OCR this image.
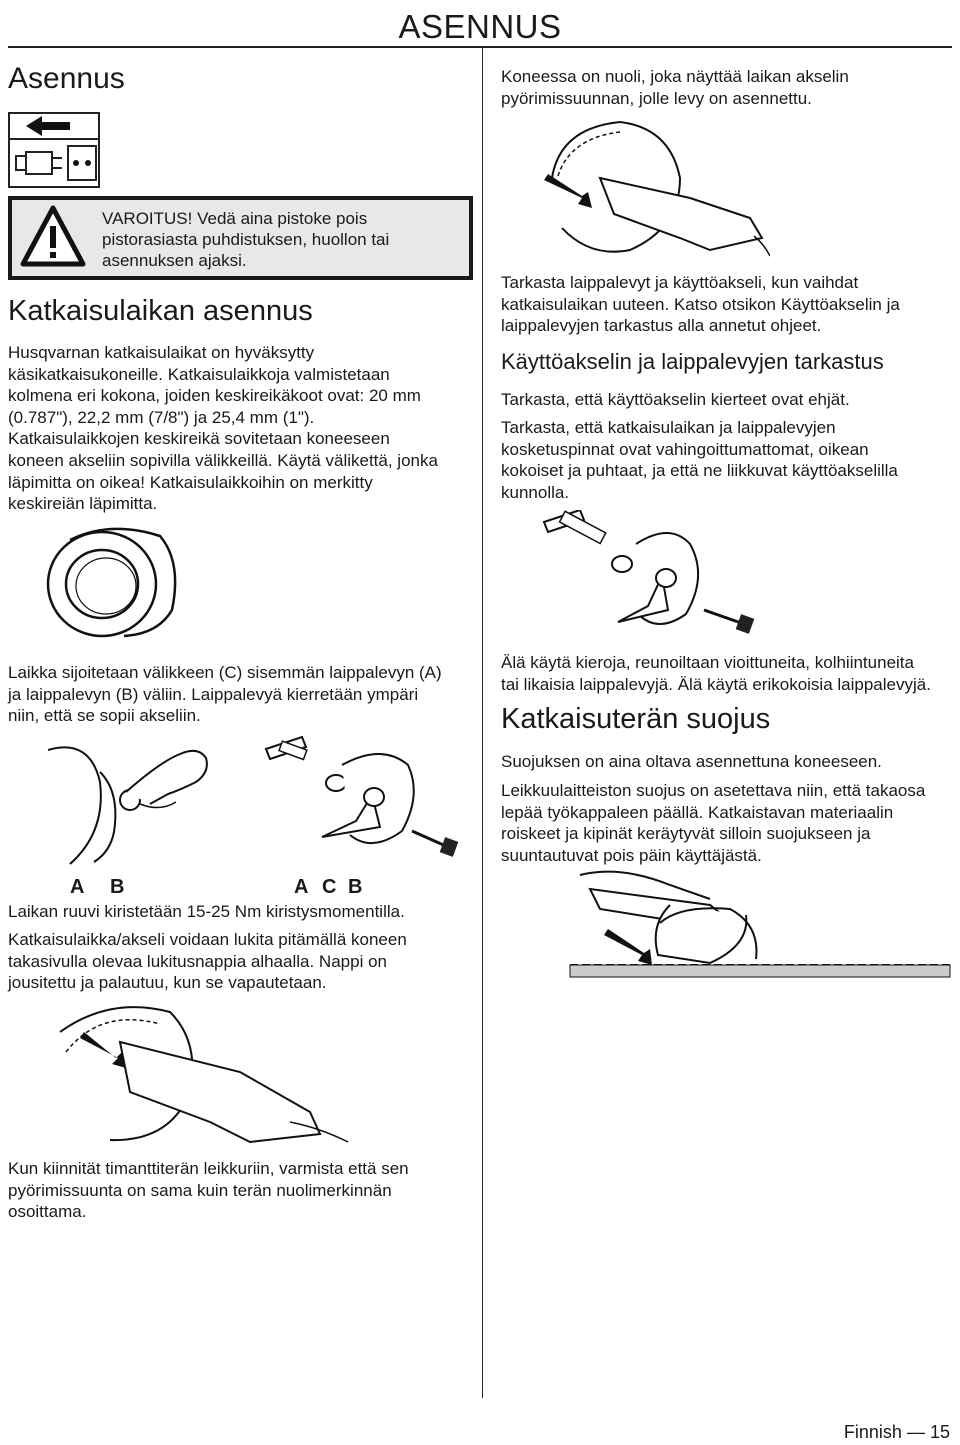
ASENNUS
Asennus
VAROITUS! Vedä aina pistoke pois
pistorasiasta puhdistuksen, huollon tai
asennuksen ajaksi.
Katkaisulaikan asennus

Husqvarnan katkaisulaikat on hyväksytty

käsikatkaisukoneille. Katkaisulaikkoja valmistetaan

kolmena eri kokona, joiden keskireikäkoot ovat: 20 mm

(0.787"), 22,2 mm (7/8") ja 25,4 mm (1").

Katkaisulaikkojen keskireikä sovitetaan koneeseen

koneen akseliin sopivilla välikkeillä. Käytä välikettä, jonka

läpimitta on oikea! Katkaisulaikkoihin on merkitty

keskireiän läpimitta.

Laikka sijoitetaan välikkeen (C) sisemmän laippalevyn (A)

ja laippalevyn (B) väliin. Laippalevyä kierretään ympäri

niin, että se sopii akseliin.

A B	A C B

Laikan ruuvi kiristetään 15-25 Nm kiristysmomentilla.

Katkaisulaikka/akseli voidaan lukita pitämällä koneen

takasivulla olevaa lukitusnappia alhaalla. Nappi on

jousitettu ja palautuu, kun se vapautetaan.

Kun kiinnität timanttiterän leikkuriin, varmista että sen

pyörimissuunta on sama kuin terän nuolimerkinnän

osoittama.

Koneessa on nuoli, joka näyttää laikan akselin

pyörimissuunnan, jolle levy on asennettu.

Tarkasta laippalevyt ja käyttöakseli, kun vaihdat

katkaisulaikan uuteen. Katso otsikon Käyttöakselin ja

laippalevyjen tarkastus alla annetut ohjeet.

Käyttöakselin ja laippalevyjen tarkastus

Tarkasta, että käyttöakselin kierteet ovat ehjät.

Tarkasta, että katkaisulaikan ja laippalevyjen

kosketuspinnat ovat vahingoittumattomat, oikean

kokoiset ja puhtaat, ja että ne liikkuvat käyttöakselilla

kunnolla.

Älä käytä kieroja, reunoiltaan vioittuneita, kolhiintuneita

tai likaisia laippalevyjä. Älä käytä erikokoisia laippalevyjä.

Katkaisuterän suojus

Suojuksen on aina oltava asennettuna koneeseen.

Leikkuulaitteiston suojus on asetettava niin, että takaosa

lepää työkappaleen päällä. Katkaistavan materiaalin

roiskeet ja kipinät keräytyvät silloin suojukseen ja

suuntautuvat pois päin käyttäjästä.

Finnish — 15
